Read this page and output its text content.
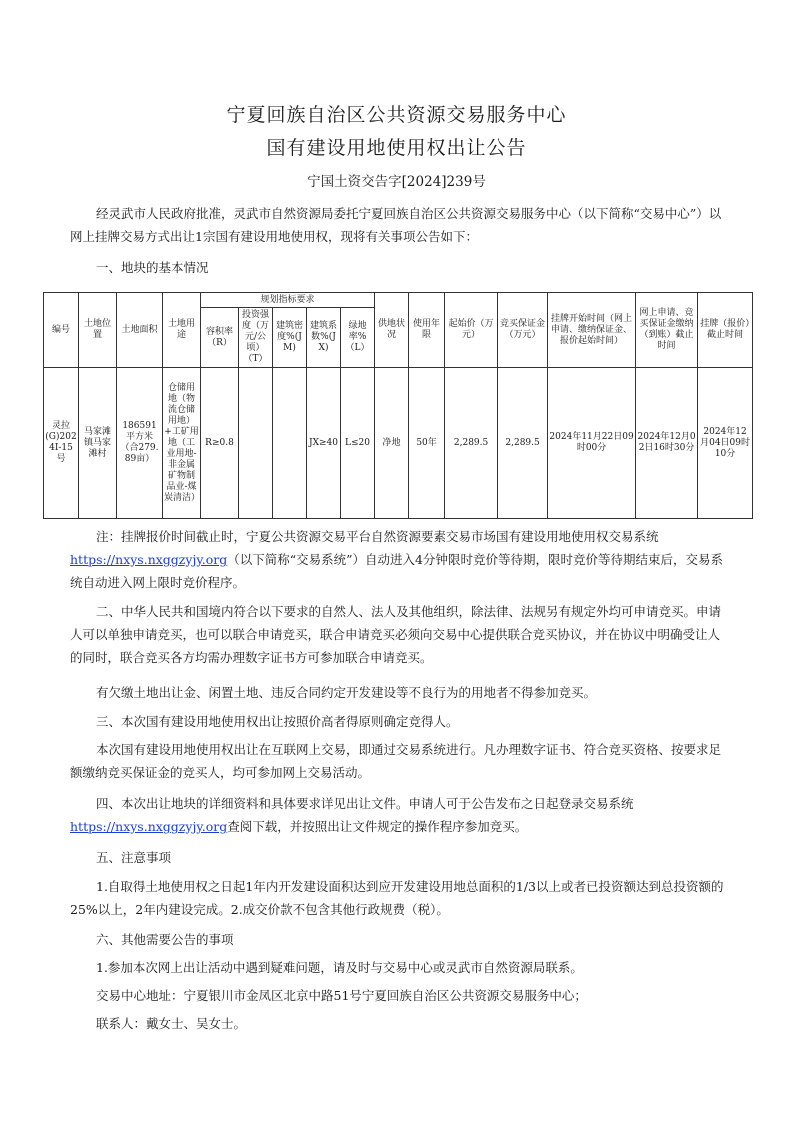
宁夏回族自治区公共资源交易服务中心
国有建设用地使用权出让公告
宁国土资交告字[2024]239号
经灵武市人民政府批准，灵武市自然资源局委托宁夏回族自治区公共资源交易服务中心（以下简称“交易中心”）以网上挂牌交易方式出让1宗国有建设用地使用权，现将有关事项公告如下：
一、地块的基本情况
编号	土地位置	土地面积	土地用途	规划指标要求					供地状况	使用年限	起始价（万元）	竞买保证金（万元）	挂牌开始时间（网上申请、缴纳保证金、报价起始时间）	网上申请、竞买保证金缴纳（到账）截止时间	挂牌（报价）截止时间
				容积率（R）	投资强度（万元/公顷）（T）	建筑密度%(JM)	建筑系数%(JX)	绿地率%（L）							
灵拉(G)2024Ⅰ-15号	马家滩镇马家滩村	186591平方米（合279.89亩）	仓储用地（物流仓储用地）+工矿用地（工业用地-非金属矿物制品业-煤炭清洁）	R≥0.8			JX≥40	L≤20	净地	50年	2,289.5	2,289.5	2024年11月22日09时00分	2024年12月02日16时30分	2024年12月04日09时10分
注：挂牌报价时间截止时，宁夏公共资源交易平台自然资源要素交易市场国有建设用地使用权交易系统https://nxys.nxggzyjy.org（以下简称“交易系统”）自动进入4分钟限时竞价等待期，限时竞价等待期结束后，交易系统自动进入网上限时竞价程序。
二、中华人民共和国境内符合以下要求的自然人、法人及其他组织，除法律、法规另有规定外均可申请竞买。申请人可以单独申请竞买，也可以联合申请竞买，联合申请竞买必须向交易中心提供联合竞买协议，并在协议中明确受让人的同时，联合竞买各方均需办理数字证书方可参加联合申请竞买。
有欠缴土地出让金、闲置土地、违反合同约定开发建设等不良行为的用地者不得参加竞买。
三、本次国有建设用地使用权出让按照价高者得原则确定竞得人。
本次国有建设用地使用权出让在互联网上交易，即通过交易系统进行。凡办理数字证书、符合竞买资格、按要求足额缴纳竞买保证金的竞买人，均可参加网上交易活动。
四、本次出让地块的详细资料和具体要求详见出让文件。申请人可于公告发布之日起登录交易系统https://nxys.nxggzyjy.org查阅下载，并按照出让文件规定的操作程序参加竞买。
五、注意事项
1.自取得土地使用权之日起1年内开发建设面积达到应开发建设用地总面积的1/3以上或者已投资额达到总投资额的25%以上，2年内建设完成。2.成交价款不包含其他行政规费（税）。
六、其他需要公告的事项
1.参加本次网上出让活动中遇到疑难问题，请及时与交易中心或灵武市自然资源局联系。
交易中心地址：宁夏银川市金凤区北京中路51号宁夏回族自治区公共资源交易服务中心；
联系人：戴女士、吴女士。
